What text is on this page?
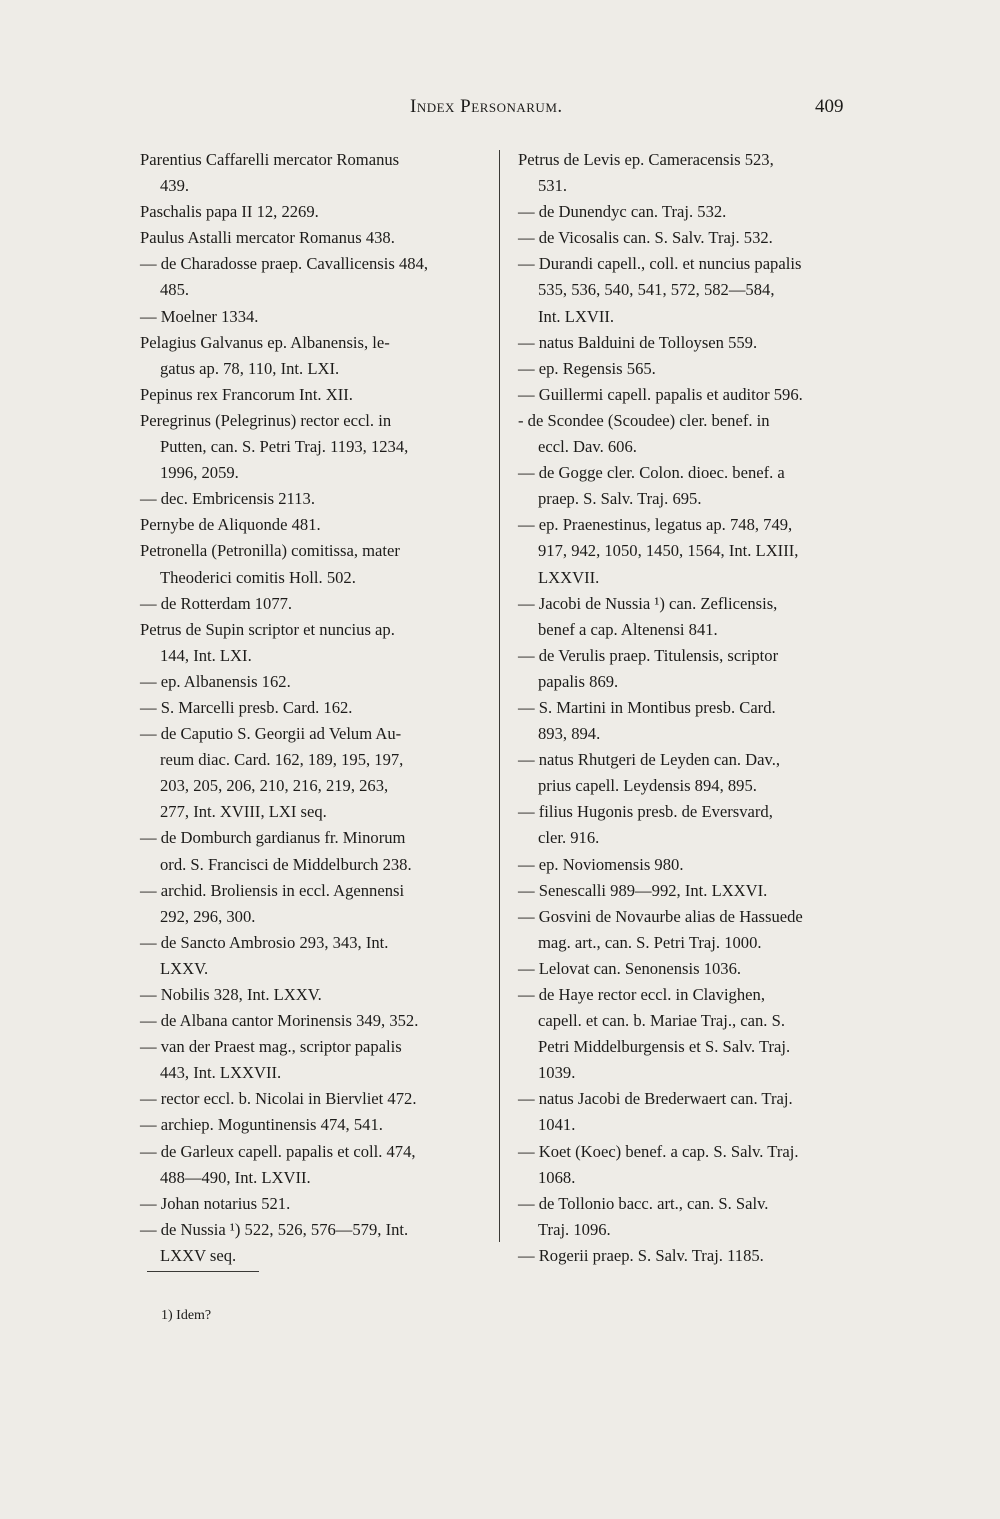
Index Personarum.	409
Parentius Caffarelli mercator Romanus
439.
Paschalis papa II 12, 2269.
Paulus Astalli mercator Romanus 438.
— de Charadosse praep. Cavallicensis 484,
485.
— Moelner 1334.
Pelagius Galvanus ep. Albanensis, le-
gatus ap. 78, 110, Int. LXI.
Pepinus rex Francorum Int. XII.
Peregrinus (Pelegrinus) rector eccl. in
Putten, can. S. Petri Traj. 1193, 1234,
1996, 2059.
— dec. Embricensis 2113.
Pernybe de Aliquonde 481.
Petronella (Petronilla) comitissa, mater
Theoderici comitis Holl. 502.
— de Rotterdam 1077.
Petrus de Supin scriptor et nuncius ap.
144, Int. LXI.
— ep. Albanensis 162.
— S. Marcelli presb. Card. 162.
— de Caputio S. Georgii ad Velum Au-
reum diac. Card. 162, 189, 195, 197,
203, 205, 206, 210, 216, 219, 263,
277, Int. XVIII, LXI seq.
— de Domburch gardianus fr. Minorum
ord. S. Francisci de Middelburch 238.
— archid. Broliensis in eccl. Agennensi
292, 296, 300.
— de Sancto Ambrosio 293, 343, Int.
LXXV.
— Nobilis 328, Int. LXXV.
— de Albana cantor Morinensis 349, 352.
— van der Praest mag., scriptor papalis
443, Int. LXXVII.
— rector eccl. b. Nicolai in Biervliet 472.
— archiep. Moguntinensis 474, 541.
— de Garleux capell. papalis et coll. 474,
488—490, Int. LXVII.
— Johan notarius 521.
— de Nussia ¹) 522, 526, 576—579, Int.
LXXV seq.
Petrus de Levis ep. Cameracensis 523,
531.
— de Dunendyc can. Traj. 532.
— de Vicosalis can. S. Salv. Traj. 532.
— Durandi capell., coll. et nuncius papalis
535, 536, 540, 541, 572, 582—584,
Int. LXVII.
— natus Balduini de Tolloysen 559.
— ep. Regensis 565.
— Guillermi capell. papalis et auditor 596.
- de Scondee (Scoudee) cler. benef. in
eccl. Dav. 606.
— de Gogge cler. Colon. dioec. benef. a
praep. S. Salv. Traj. 695.
— ep. Praenestinus, legatus ap. 748, 749,
917, 942, 1050, 1450, 1564, Int. LXIII,
LXXVII.
— Jacobi de Nussia ¹) can. Zeflicensis,
benef a cap. Altenensi 841.
— de Verulis praep. Titulensis, scriptor
papalis 869.
— S. Martini in Montibus presb. Card.
893, 894.
— natus Rhutgeri de Leyden can. Dav.,
prius capell. Leydensis 894, 895.
— filius Hugonis presb. de Eversvard,
cler. 916.
— ep. Noviomensis 980.
— Senescalli 989—992, Int. LXXVI.
— Gosvini de Novaurbe alias de Hassuede
mag. art., can. S. Petri Traj. 1000.
— Lelovat can. Senonensis 1036.
— de Haye rector eccl. in Clavighen,
capell. et can. b. Mariae Traj., can. S.
Petri Middelburgensis et S. Salv. Traj.
1039.
— natus Jacobi de Brederwaert can. Traj.
1041.
— Koet (Koec) benef. a cap. S. Salv. Traj.
1068.
— de Tollonio bacc. art., can. S. Salv.
Traj. 1096.
— Rogerii praep. S. Salv. Traj. 1185.
1) Idem?
